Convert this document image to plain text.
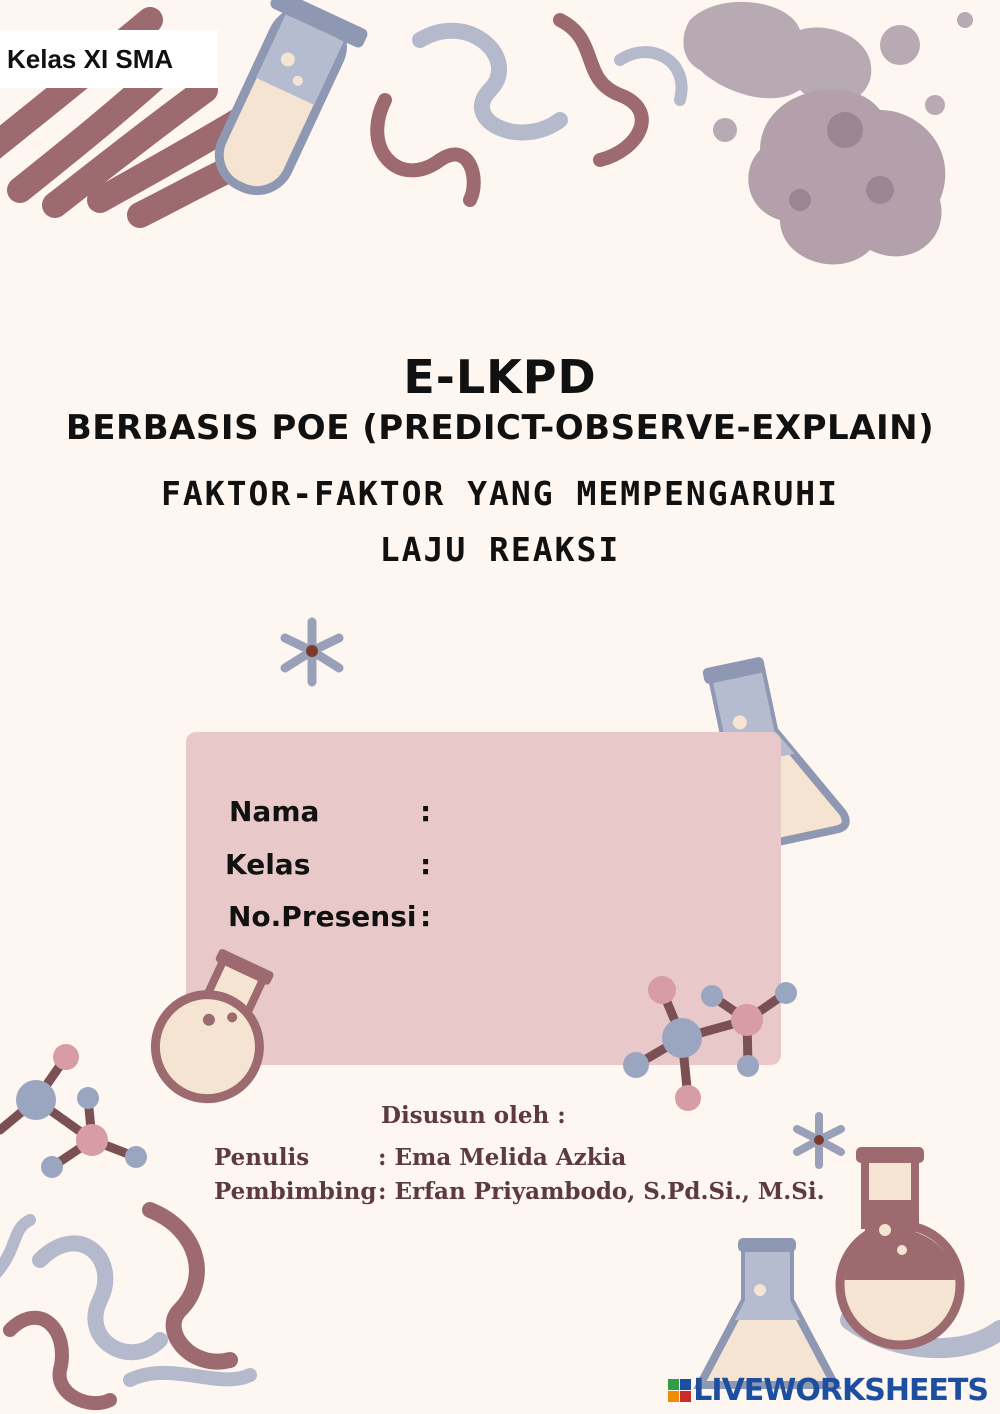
Kelas XI SMA
E-LKPD
BERBASIS POE (PREDICT-OBSERVE-EXPLAIN)
FAKTOR-FAKTOR YANG MEMPENGARUHI
LAJU REAKSI
Nama	:
Kelas	:
No.Presensi :
Disusun oleh :
Penulis	: Ema Melida Azkia
Pembimbing : Erfan Priyambodo, S.Pd.Si., M.Si.
LIVEWORKSHEETS
